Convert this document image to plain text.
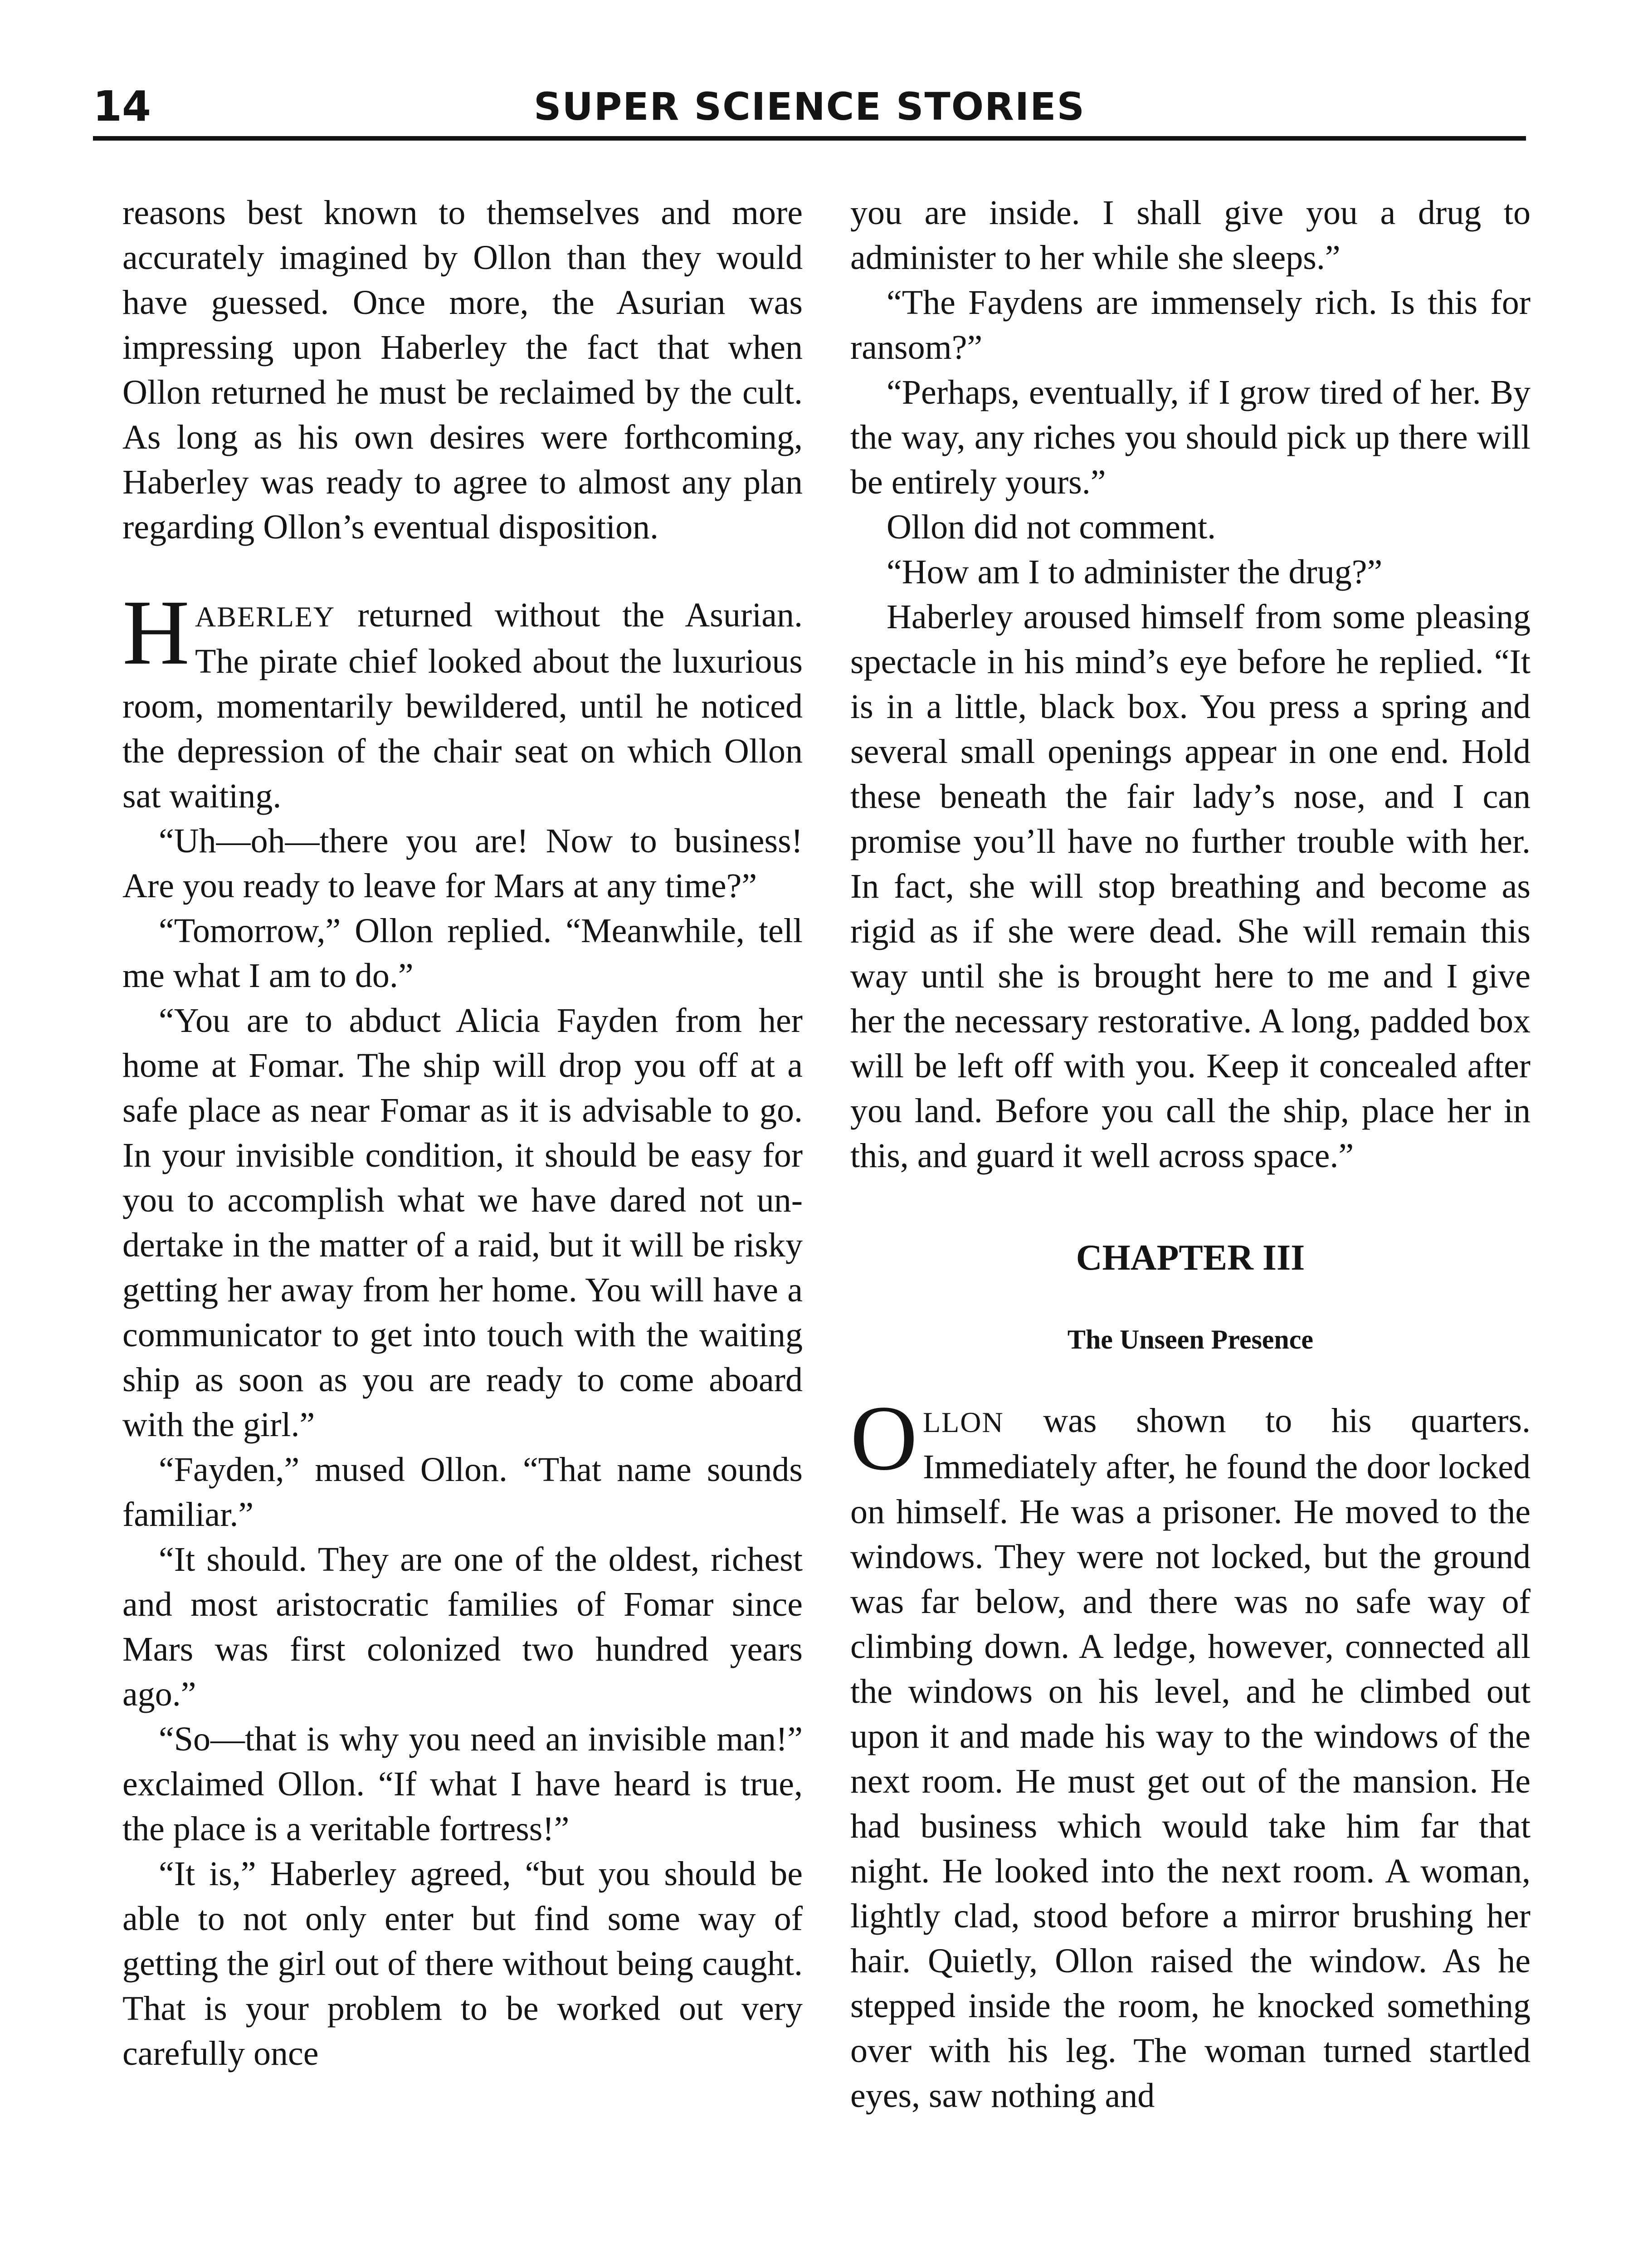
14	SUPER SCIENCE STORIES

reasons best known to themselves and more accurately imagined by Ollon than they would have guessed. Once more, the Asurian was impressing upon Haberley the fact that when Ollon returned he must be reclaimed by the cult. As long as his own desires were forthcoming, Haberley was ready to agree to almost any plan regarding Ollon’s eventual disposition.

HABERLEY returned without the Asurian. The pirate chief looked about the luxurious room, momentarily bewildered, until he noticed the depression of the chair seat on which Ollon sat waiting.

“Uh—oh—there you are! Now to business! Are you ready to leave for Mars at any time?”

“Tomorrow,” Ollon replied. “Meanwhile, tell me what I am to do.”

“You are to abduct Alicia Fayden from her home at Fomar. The ship will drop you off at a safe place as near Fomar as it is advisable to go. In your invisible condition, it should be easy for you to accomplish what we have dared not undertake in the matter of a raid, but it will be risky getting her away from her home. You will have a communicator to get into touch with the waiting ship as soon as you are ready to come aboard with the girl.”

“Fayden,” mused Ollon. “That name sounds familiar.”

“It should. They are one of the oldest, richest and most aristocratic families of Fomar since Mars was first colonized two hundred years ago.”

“So—that is why you need an invisible man!” exclaimed Ollon. “If what I have heard is true, the place is a veritable fortress!”

“It is,” Haberley agreed, “but you should be able to not only enter but find some way of getting the girl out of there without being caught. That is your problem to be worked out very carefully once

you are inside. I shall give you a drug to administer to her while she sleeps.”

“The Faydens are immensely rich. Is this for ransom?”

“Perhaps, eventually, if I grow tired of her. By the way, any riches you should pick up there will be entirely yours.”

Ollon did not comment.

“How am I to administer the drug?”

Haberley aroused himself from some pleasing spectacle in his mind’s eye before he replied. “It is in a little, black box. You press a spring and several small openings appear in one end. Hold these beneath the fair lady’s nose, and I can promise you’ll have no further trouble with her. In fact, she will stop breathing and become as rigid as if she were dead. She will remain this way until she is brought here to me and I give her the necessary restorative. A long, padded box will be left off with you. Keep it concealed after you land. Before you call the ship, place her in this, and guard it well across space.”

CHAPTER III
The Unseen Presence

OLLON was shown to his quarters. Immediately after, he found the door locked on himself. He was a prisoner. He moved to the windows. They were not locked, but the ground was far below, and there was no safe way of climbing down. A ledge, however, connected all the windows on his level, and he climbed out upon it and made his way to the windows of the next room. He must get out of the mansion. He had business which would take him far that night. He looked into the next room. A woman, lightly clad, stood before a mirror brushing her hair. Quietly, Ollon raised the window. As he stepped inside the room, he knocked something over with his leg. The woman turned startled eyes, saw nothing and
